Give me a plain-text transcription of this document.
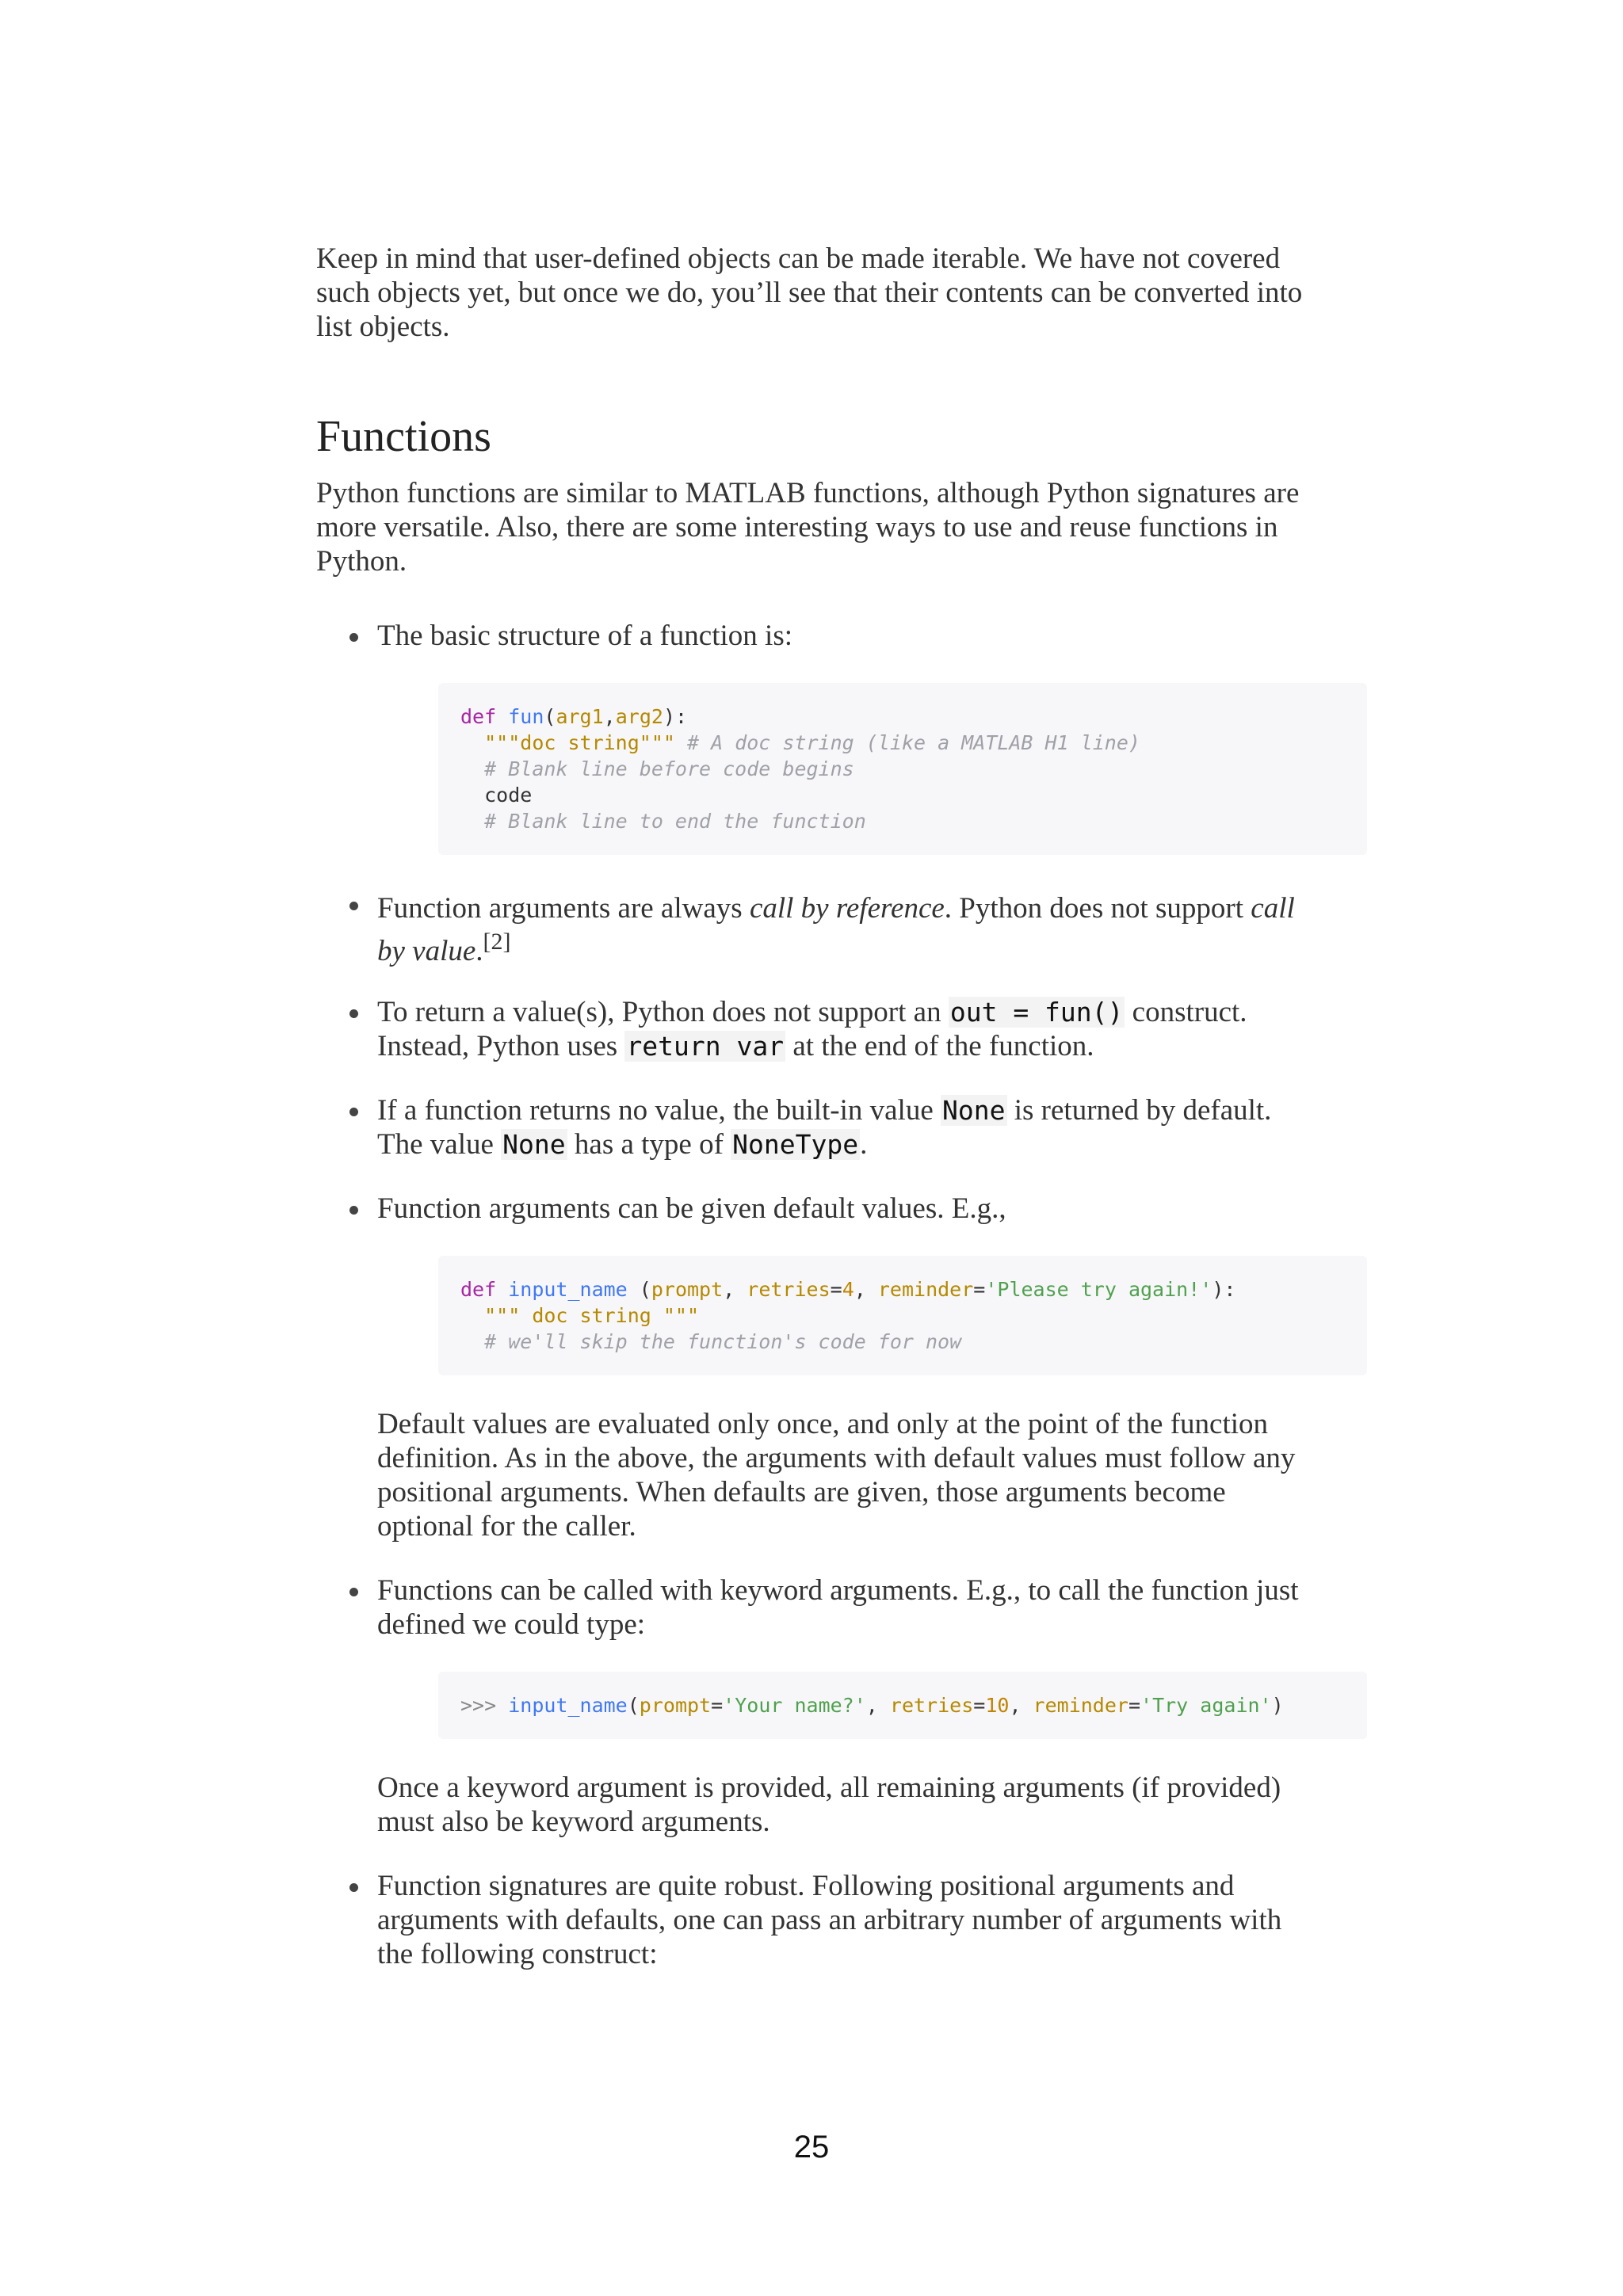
Keep in mind that user-defined objects can be made iterable. We have not covered such objects yet, but once we do, you’ll see that their contents can be converted into list objects.

Functions

Python functions are similar to MATLAB functions, although Python signatures are more versatile. Also, there are some interesting ways to use and reuse functions in Python.

The basic structure of a function is:

def fun(arg1,arg2):
"""doc string""" # A doc string (like a MATLAB H1 line)
# Blank line before code begins
code
# Blank line to end the function

Function arguments are always call by reference. Python does not support call by value.[2]

To return a value(s), Python does not support an out = fun() construct. Instead, Python uses return var at the end of the function.

If a function returns no value, the built-in value None is returned by default. The value None has a type of NoneType.

Function arguments can be given default values. E.g.,

def input_name (prompt, retries=4, reminder='Please try again!'):
""" doc string """
# we'll skip the function's code for now

Default values are evaluated only once, and only at the point of the function definition. As in the above, the arguments with default values must follow any positional arguments. When defaults are given, those arguments become optional for the caller.

Functions can be called with keyword arguments. E.g., to call the function just defined we could type:

>>> input_name(prompt='Your name?', retries=10, reminder='Try again')

Once a keyword argument is provided, all remaining arguments (if provided) must also be keyword arguments.

Function signatures are quite robust. Following positional arguments and arguments with defaults, one can pass an arbitrary number of arguments with the following construct:

25
